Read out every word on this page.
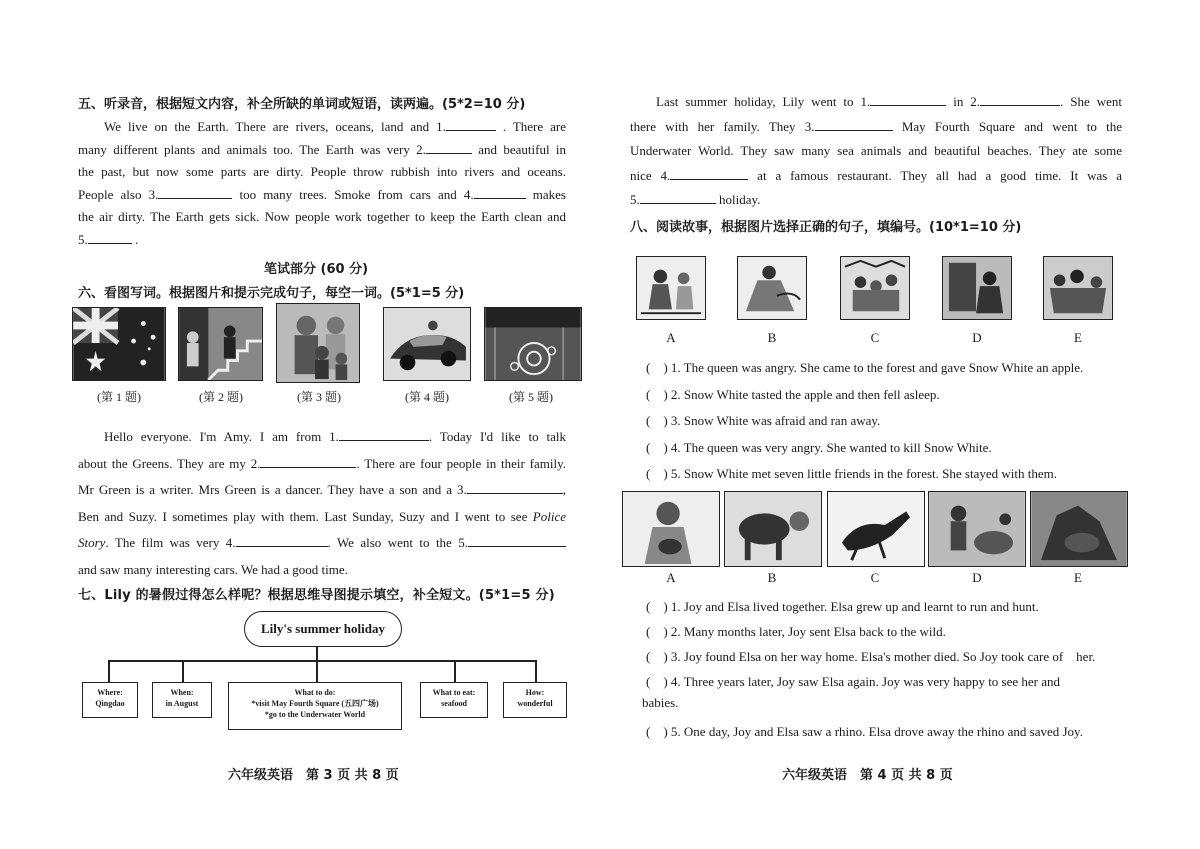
五、听录音，根据短文内容，补全所缺的单词或短语，读两遍。(5*2=10 分)
We live on the Earth. There are rivers, oceans, land and 1.	. There are
many different plants and animals too. The Earth was very 2.	and beautiful in
the past, but now some parts are dirty. People throw rubbish into rivers and oceans.
People also 3.	too many trees. Smoke from cars and 4.	makes
the air dirty. The Earth gets sick. Now people work together to keep the Earth clean and
5.	.
笔试部分 (60 分)
六、看图写词。根据图片和提示完成句子，每空一词。(5*1=5 分)
(第 1 题)	(第 2 题)	(第 3 题)	(第 4 题)	(第 5 题)
Hello everyone. I'm Amy. I am from 1.	. Today I'd like to talk
about the Greens. They are my 2.	. There are four people in their family.
Mr Green is a writer. Mrs Green is a dancer. They have a son and a 3.	,
Ben and Suzy. I sometimes play with them. Last Sunday, Suzy and I went to see Police
Story. The film was very 4.	. We also went to the 5.
and saw many interesting cars. We had a good time.
七、Lily 的暑假过得怎么样呢？根据思维导图提示填空，补全短文。(5*1=5 分)
Lily's summer holiday
Where:
Qingdao
When:
in August
What to do:
*visit May Fourth Square (五四广场)
*go to the Underwater World
What to eat:
seafood
How:
wonderful
六年级英语　第 3 页 共 8 页
Last summer holiday, Lily went to 1.	in 2.	. She went
there with her family. They 3.	May Fourth Square and went to the
Underwater World. They saw many sea animals and beautiful beaches. They ate some
nice 4.	at a famous restaurant. They all had a good time. It was a
5.	holiday.
八、阅读故事，根据图片选择正确的句子，填编号。(10*1=10 分)
A	B	C	D	E
(　) 1. The queen was angry. She came to the forest and gave Snow White an apple.
(　) 2. Snow White tasted the apple and then fell asleep.
(　) 3. Snow White was afraid and ran away.
(　) 4. The queen was very angry. She wanted to kill Snow White.
(　) 5. Snow White met seven little friends in the forest. She stayed with them.
A	B	C	D	E
(　) 1. Joy and Elsa lived together. Elsa grew up and learnt to run and hunt.
(　) 2. Many months later, Joy sent Elsa back to the wild.
(　) 3. Joy found Elsa on her way home. Elsa's mother died. So Joy took care of　her.
(　) 4. Three years later, Joy saw Elsa again. Joy was very happy to see her and
babies.
(　) 5. One day, Joy and Elsa saw a rhino. Elsa drove away the rhino and saved Joy.
六年级英语　第 4 页 共 8 页
